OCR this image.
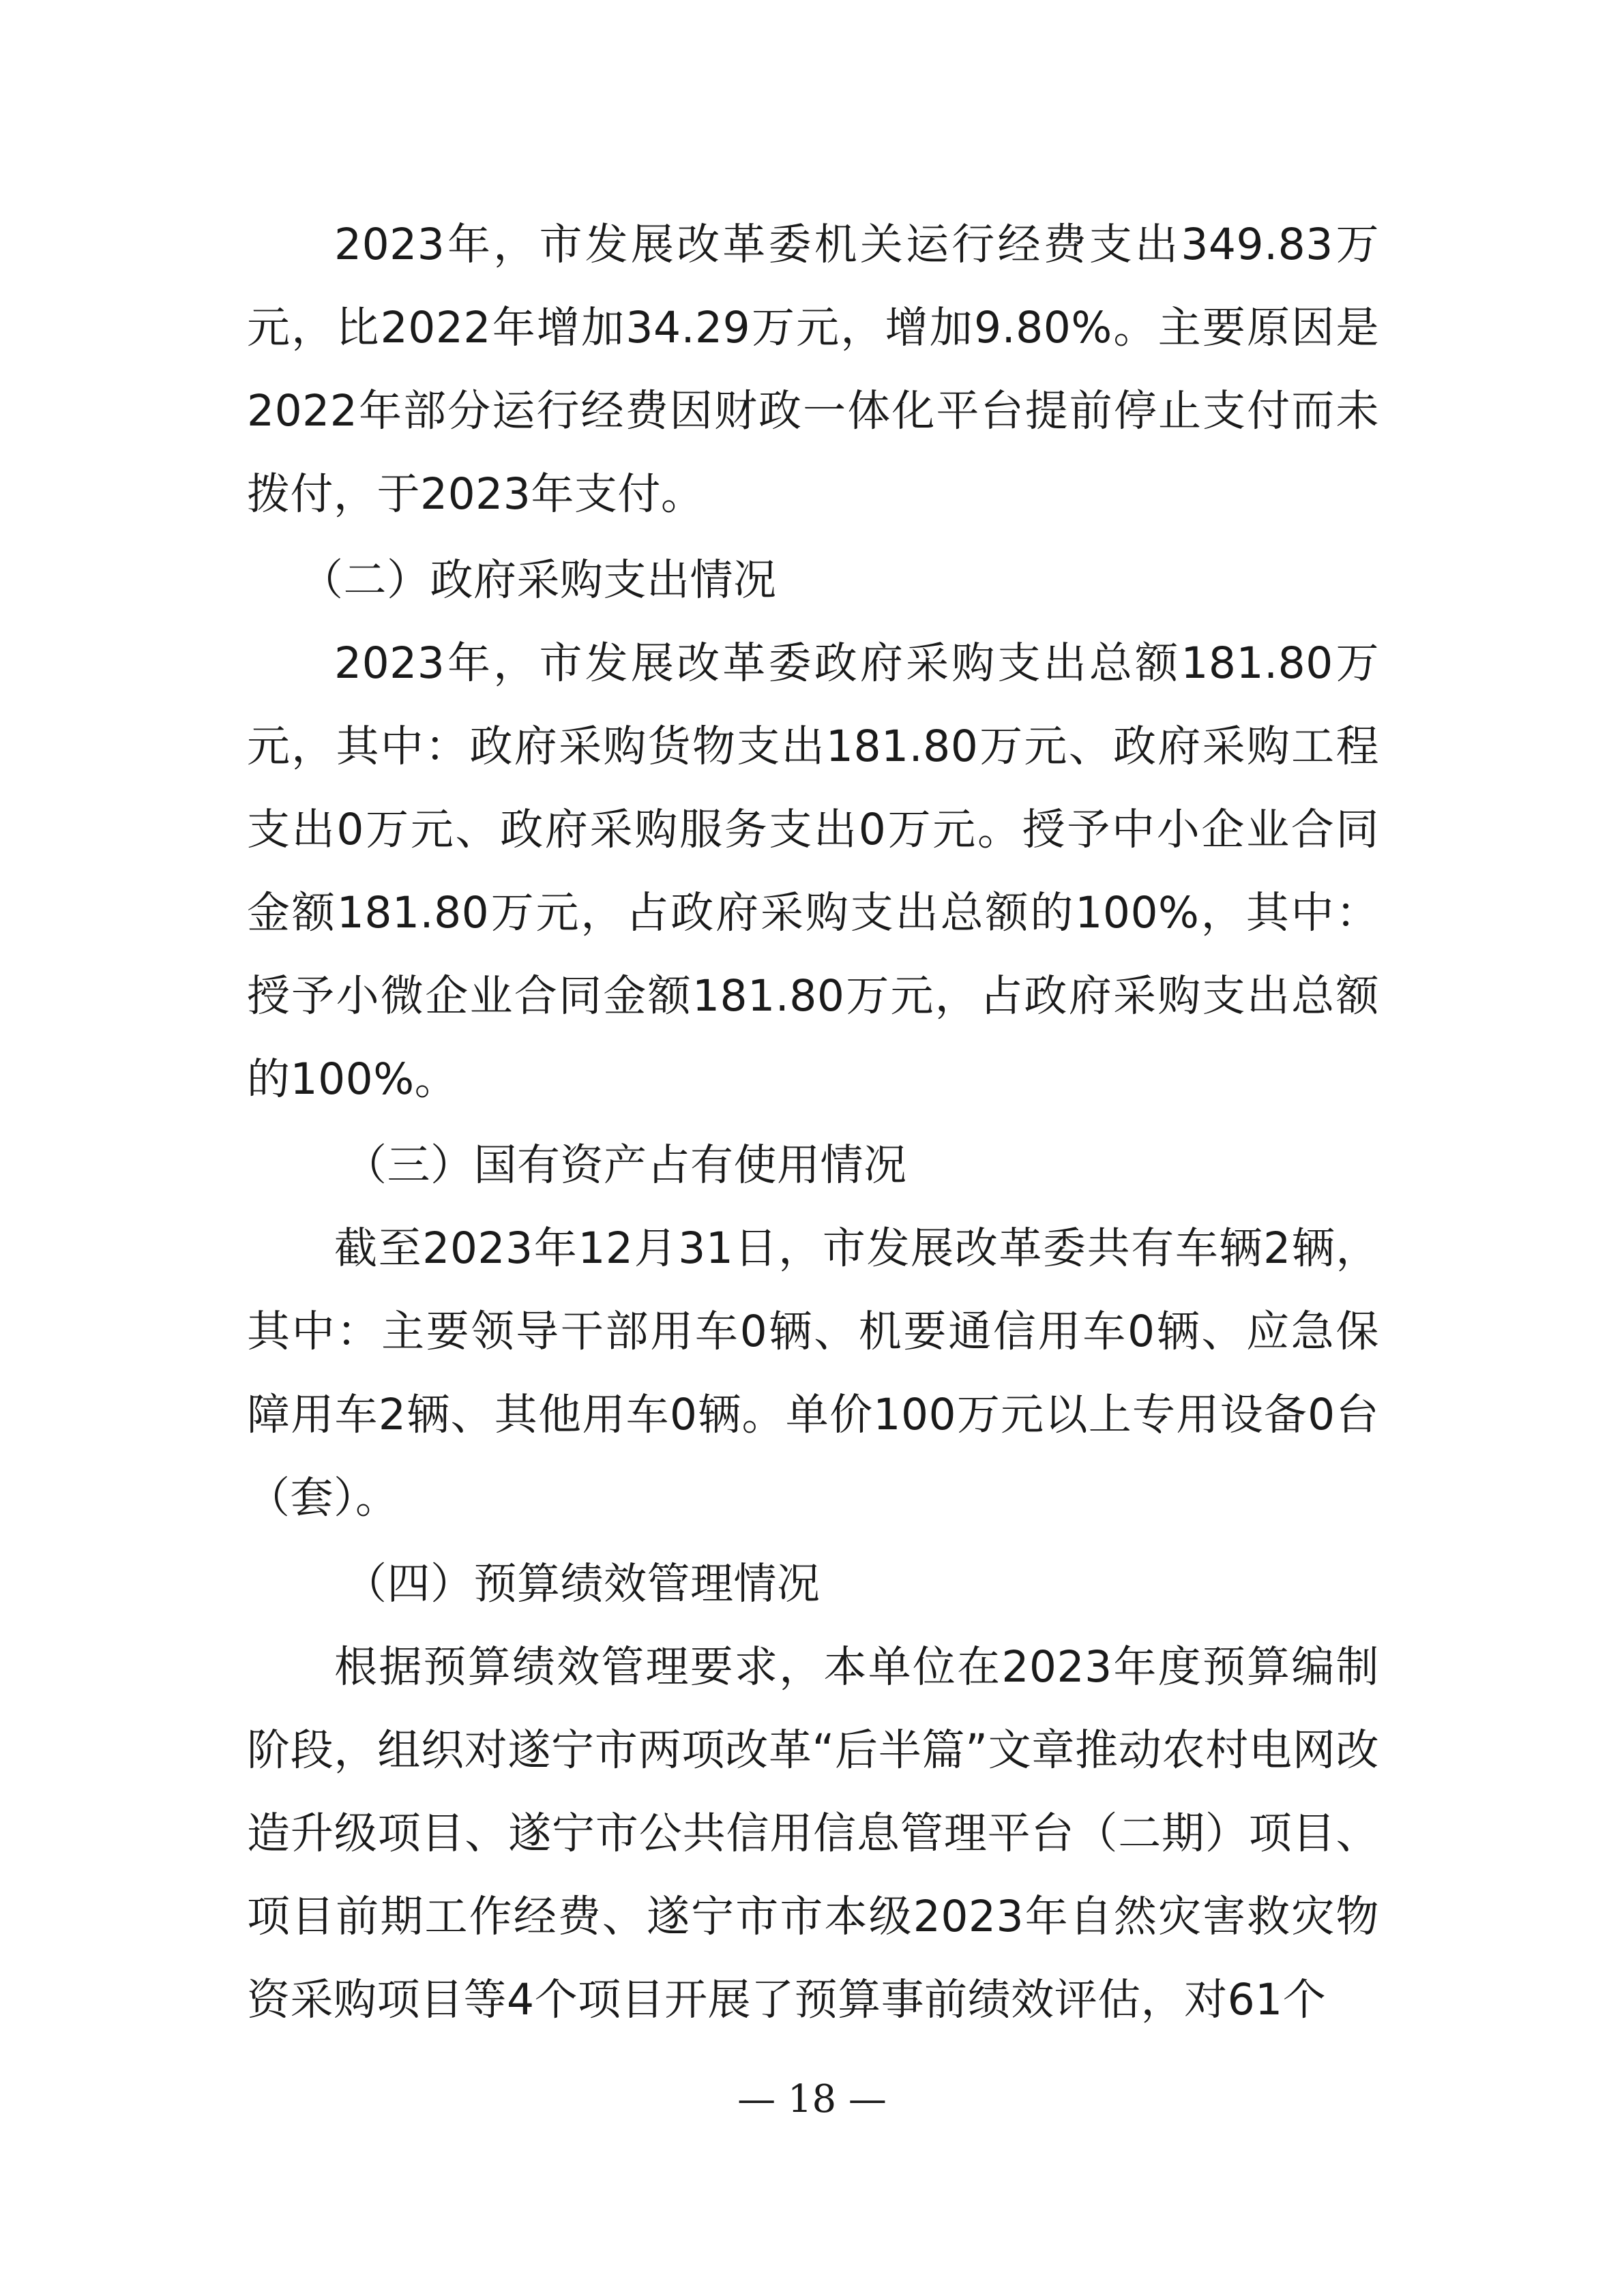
2023年，市发展改革委机关运行经费支出349.83万元，比2022年增加34.29万元，增加9.80%。主要原因是2022年部分运行经费因财政一体化平台提前停止支付而未拨付，于2023年支付。

（二）政府采购支出情况

2023年，市发展改革委政府采购支出总额181.80万元，其中：政府采购货物支出181.80万元、政府采购工程支出0万元、政府采购服务支出0万元。授予中小企业合同金额181.80万元，占政府采购支出总额的100%，其中：授予小微企业合同金额181.80万元，占政府采购支出总额的100%。

（三）国有资产占有使用情况

截至2023年12月31日，市发展改革委共有车辆2辆，其中：主要领导干部用车0辆、机要通信用车0辆、应急保障用车2辆、其他用车0辆。单价100万元以上专用设备0台（套）。

（四）预算绩效管理情况

根据预算绩效管理要求，本单位在2023年度预算编制阶段，组织对遂宁市两项改革“后半篇”文章推动农村电网改造升级项目、遂宁市公共信用信息管理平台（二期）项目、项目前期工作经费、遂宁市市本级2023年自然灾害救灾物资采购项目等4个项目开展了预算事前绩效评估，对61个

— 18 —
